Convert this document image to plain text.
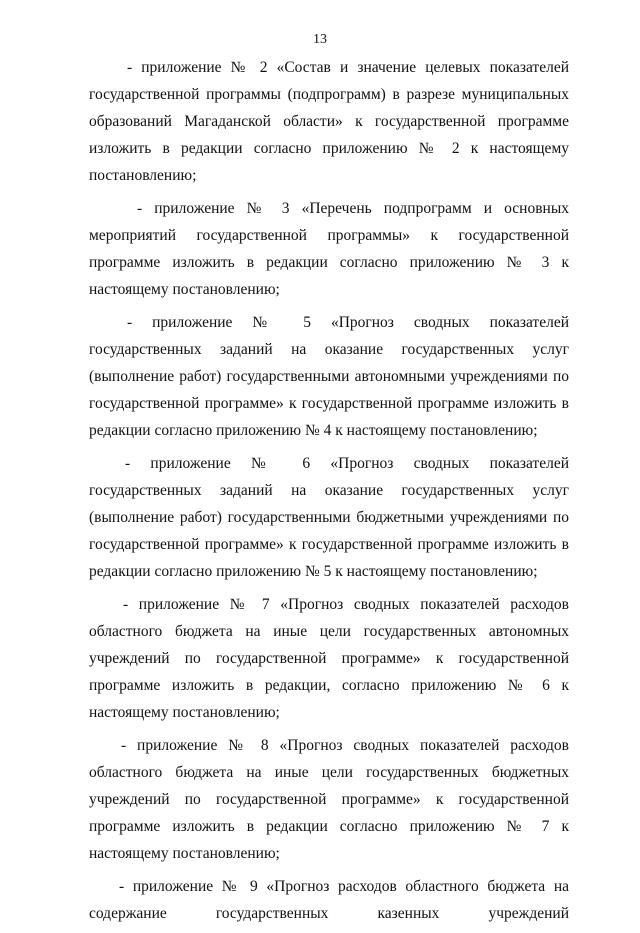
13

- приложение № 2 «Состав и значение целевых показателей государственной программы (подпрограмм) в разрезе муниципальных образований Магаданской области» к государственной программе изложить в редакции согласно приложению № 2 к настоящему постановлению;

- приложение № 3 «Перечень подпрограмм и основных мероприятий государственной программы» к государственной программе изложить в редакции согласно приложению № 3 к настоящему постановлению;

- приложение № 5 «Прогноз сводных показателей государственных заданий на оказание государственных услуг (выполнение работ) государственными автономными учреждениями по государственной программе» к государственной программе изложить в редакции согласно приложению № 4 к настоящему постановлению;

- приложение № 6 «Прогноз сводных показателей государственных заданий на оказание государственных услуг (выполнение работ) государственными бюджетными учреждениями по государственной программе» к государственной программе изложить в редакции согласно приложению № 5 к настоящему постановлению;

- приложение № 7 «Прогноз сводных показателей расходов областного бюджета на иные цели государственных автономных учреждений по государственной программе» к государственной программе изложить в редакции, согласно приложению № 6 к настоящему постановлению;

- приложение № 8 «Прогноз сводных показателей расходов областного бюджета на иные цели государственных бюджетных учреждений по государственной программе» к государственной программе изложить в редакции согласно приложению № 7 к настоящему постановлению;

- приложение № 9 «Прогноз расходов областного бюджета на содержание государственных казенных учреждений
